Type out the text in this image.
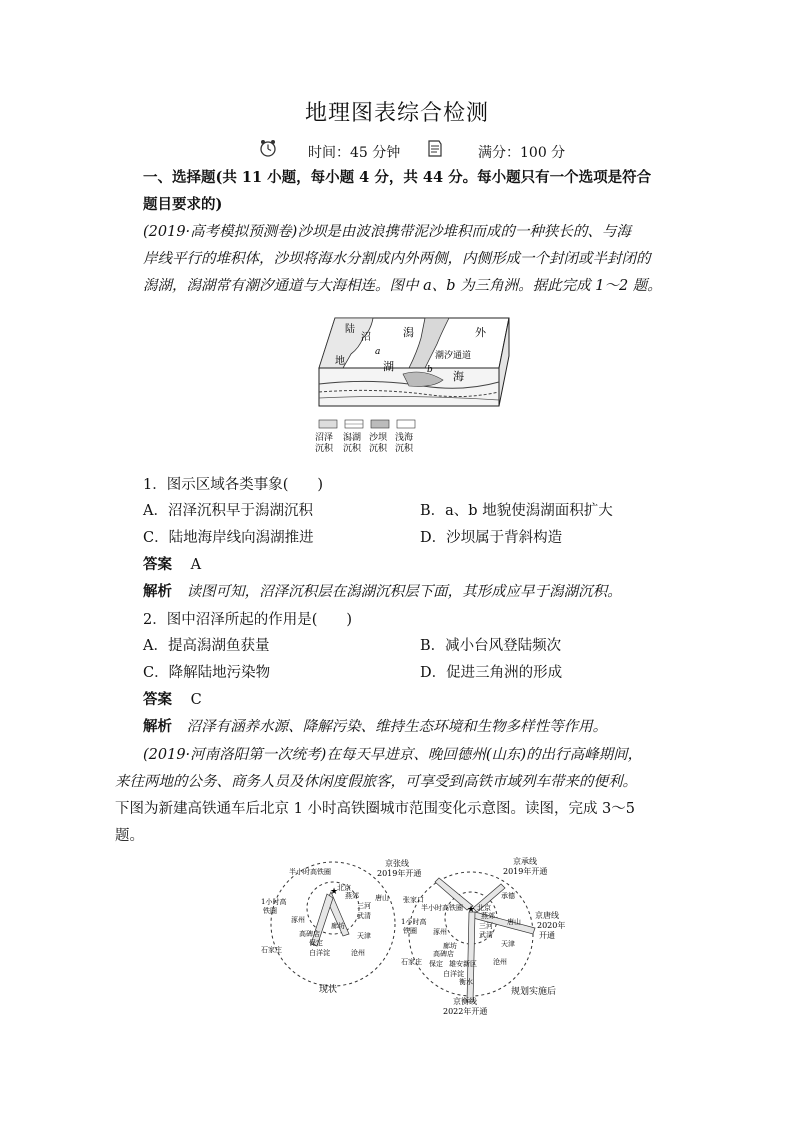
地理图表综合检测
时间：45 分钟	满分：100 分
一、选择题(共 11 小题，每小题 4 分，共 44 分。每小题只有一个选项是符合
题目要求的)
(2019·高考模拟预测卷)沙坝是由波浪携带泥沙堆积而成的一种狭长的、与海
岸线平行的堆积体，沙坝将海水分割成内外两侧，内侧形成一个封闭或半封闭的
潟湖，潟湖常有潮汐通道与大海相连。图中 a、b 为三角洲。据此完成 1～2 题。
陆
地
沼	潟
湖
外
海
潮汐通道
a
b
沼泽
沉积
潟湖
沉积
沙坝
沉积
浅海
沉积
1．图示区域各类事象(　　)
A．沼泽沉积早于潟湖沉积	B．a、b 地貌使潟湖面积扩大
C．陆地海岸线向潟湖推进	D．沙坝属于背斜构造
答案 A
解析 读图可知，沼泽沉积层在潟湖沉积层下面，其形成应早于潟湖沉积。
2．图中沼泽所起的作用是(　　)
A．提高潟湖鱼获量	B．减小台风登陆频次
C．降解陆地污染物	D．促进三角洲的形成
答案 C
解析 沼泽有涵养水源、降解污染、维持生态环境和生物多样性等作用。
(2019·河南洛阳第一次统考)在每天早进京、晚回德州(山东)的出行高峰期间，
来往两地的公务、商务人员及休闲度假旅客，可享受到高铁市域列车带来的便利。
下图为新建高铁通车后北京 1 小时高铁圈城市范围变化示意图。读图，完成 3～5
题。
★
半小时高铁圈
1小时高
铁圈
北京
燕郊
三河
唐山
武清
涿州
廊坊
高碑店
保定
天津
石家庄	白洋淀	沧州
现状
★
京张线
2019年开通
京承线
2019年开通
京唐线
2020年
开通
京衡线
2022年开通
张家口	承德
半小时高铁圈
1小时高
铁圈
北京
燕郊
三河
武清
唐山
涿州
廊坊
高碑店
天津
保定 雄安新区
石家庄
白洋淀
沧州
衡水
规划实施后
